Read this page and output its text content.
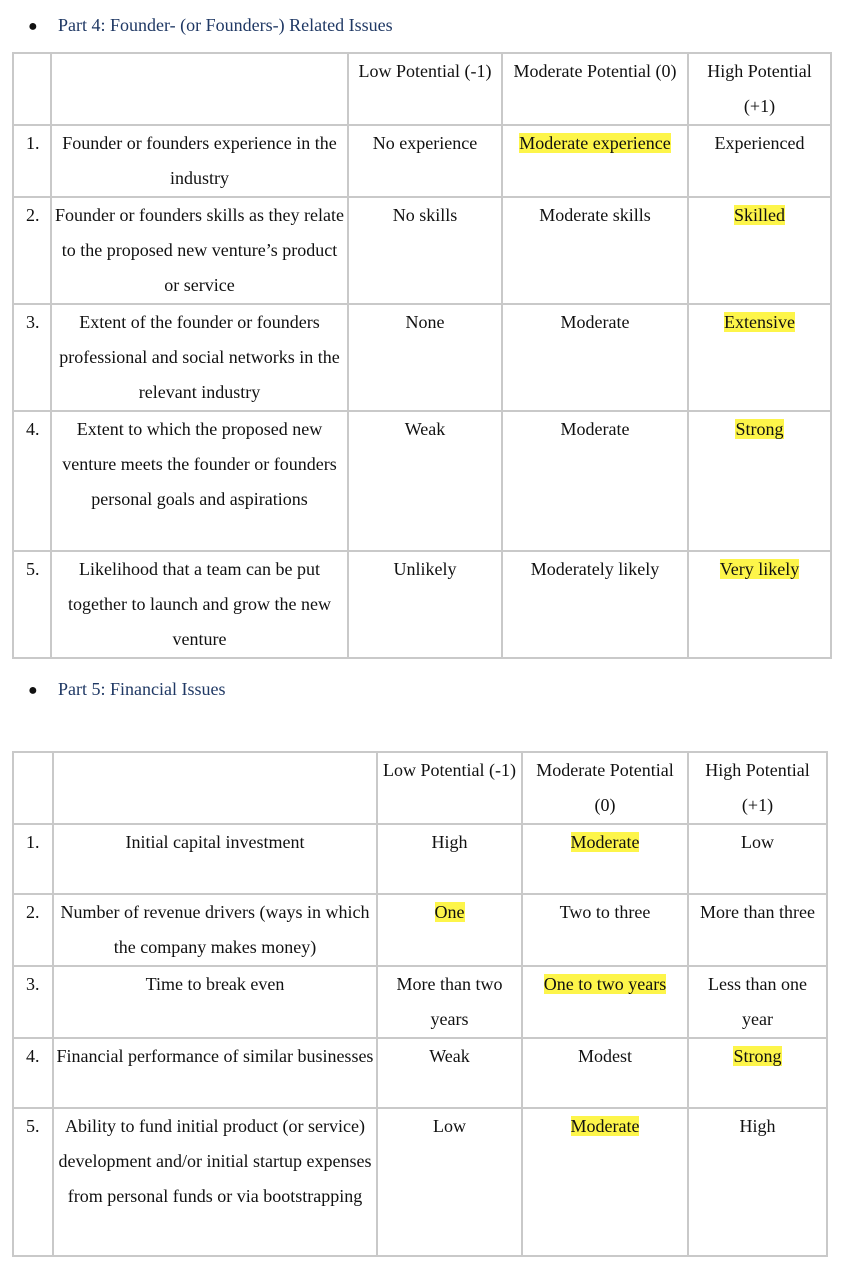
● Part 4: Founder- (or Founders-) Related Issues
		Low Potential (-1)	Moderate Potential (0)	High Potential (+1)
1.	Founder or founders experience in the industry	No experience	Moderate experience	Experienced
2.	Founder or founders skills as they relate to the proposed new venture’s product or service	No skills	Moderate skills	Skilled
3.	Extent of the founder or founders professional and social networks in the relevant industry	None	Moderate	Extensive
4.	Extent to which the proposed new venture meets the founder or founders personal goals and aspirations	Weak	Moderate	Strong
5.	Likelihood that a team can be put together to launch and grow the new venture	Unlikely	Moderately likely	Very likely
● Part 5: Financial Issues
		Low Potential (-1)	Moderate Potential (0)	High Potential (+1)
1.	Initial capital investment	High	Moderate	Low
2.	Number of revenue drivers (ways in which the company makes money)	One	Two to three	More than three
3.	Time to break even	More than two years	One to two years	Less than one year
4.	Financial performance of similar businesses	Weak	Modest	Strong
5.	Ability to fund initial product (or service) development and/or initial startup expenses from personal funds or via bootstrapping	Low	Moderate	High
